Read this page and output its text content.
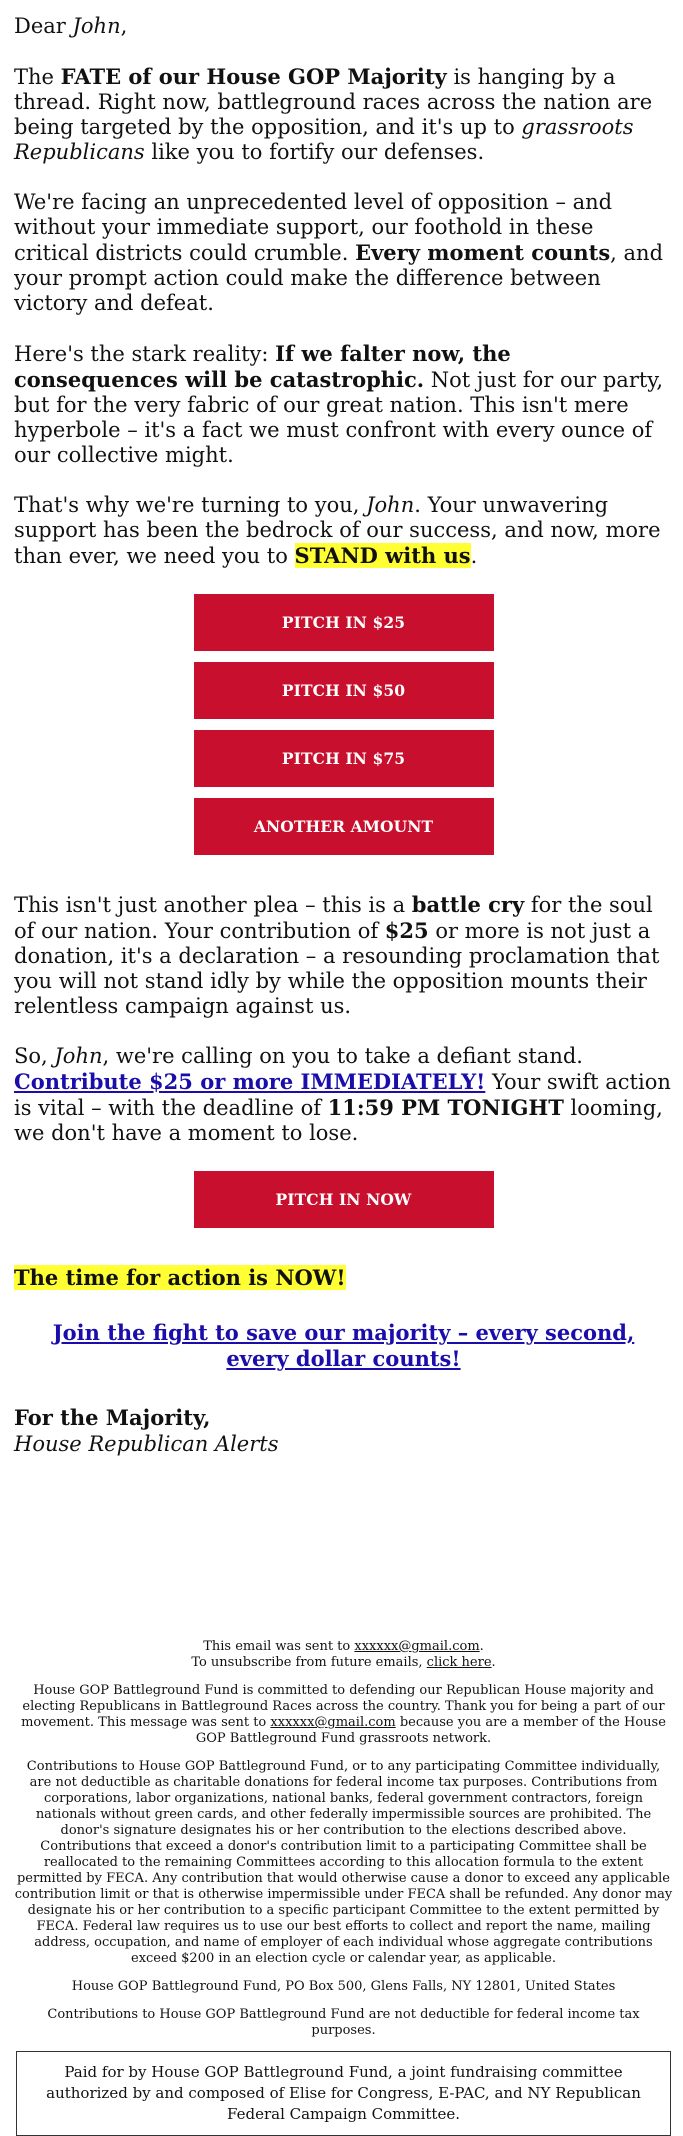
Dear John,

The FATE of our House GOP Majority is hanging by a thread. Right now, battleground races across the nation are being targeted by the opposition, and it's up to grassroots Republicans like you to fortify our defenses.

We're facing an unprecedented level of opposition – and without your immediate support, our foothold in these critical districts could crumble. Every moment counts, and your prompt action could make the difference between victory and defeat.

Here's the stark reality: If we falter now, the consequences will be catastrophic. Not just for our party, but for the very fabric of our great nation. This isn't mere hyperbole – it's a fact we must confront with every ounce of our collective might.

That's why we're turning to you, John. Your unwavering support has been the bedrock of our success, and now, more than ever, we need you to STAND with us.

PITCH IN $25
PITCH IN $50
PITCH IN $75
ANOTHER AMOUNT

This isn't just another plea – this is a battle cry for the soul of our nation. Your contribution of $25 or more is not just a donation, it's a declaration – a resounding proclamation that you will not stand idly by while the opposition mounts their relentless campaign against us.

So, John, we're calling on you to take a defiant stand. Contribute $25 or more IMMEDIATELY! Your swift action is vital – with the deadline of 11:59 PM TONIGHT looming, we don't have a moment to lose.

PITCH IN NOW

The time for action is NOW!

Join the fight to save our majority – every second, every dollar counts!

For the Majority,

House Republican Alerts

This email was sent to xxxxxx@gmail.com.
To unsubscribe from future emails, click here.

House GOP Battleground Fund is committed to defending our Republican House majority and electing Republicans in Battleground Races across the country. Thank you for being a part of our movement. This message was sent to xxxxxx@gmail.com because you are a member of the House GOP Battleground Fund grassroots network.

Contributions to House GOP Battleground Fund, or to any participating Committee individually, are not deductible as charitable donations for federal income tax purposes. Contributions from corporations, labor organizations, national banks, federal government contractors, foreign nationals without green cards, and other federally impermissible sources are prohibited. The donor's signature designates his or her contribution to the elections described above. Contributions that exceed a donor's contribution limit to a participating Committee shall be reallocated to the remaining Committees according to this allocation formula to the extent permitted by FECA. Any contribution that would otherwise cause a donor to exceed any applicable contribution limit or that is otherwise impermissible under FECA shall be refunded. Any donor may designate his or her contribution to a specific participant Committee to the extent permitted by FECA. Federal law requires us to use our best efforts to collect and report the name, mailing address, occupation, and name of employer of each individual whose aggregate contributions exceed $200 in an election cycle or calendar year, as applicable.

House GOP Battleground Fund, PO Box 500, Glens Falls, NY 12801, United States

Contributions to House GOP Battleground Fund are not deductible for federal income tax purposes.

Paid for by House GOP Battleground Fund, a joint fundraising committee authorized by and composed of Elise for Congress, E-PAC, and NY Republican Federal Campaign Committee.
